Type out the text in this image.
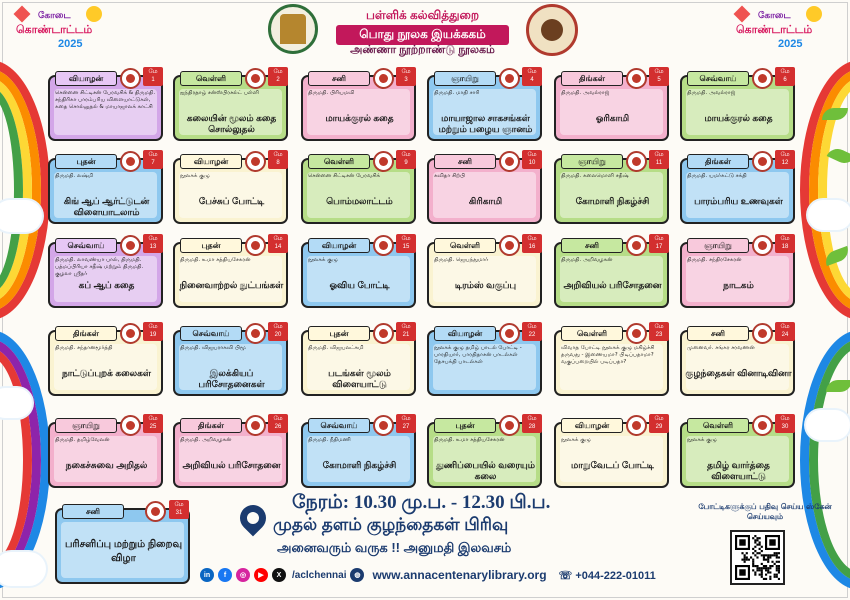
கோடை
கொண்டாட்டம்
2025
கோடை
கொண்டாட்டம்
2025
பள்ளிக் கல்வித்துறை
பொது நூலக இயக்ககம்
அண்ணா நூற்றாண்டு நூலகம்
வியாழன்
மே
1
சென்னை சிட்டிசன் பேரவசிக் & திருமதி. சந்திரிகா பாரம்பரிய விளையாட்டுகள், கதை சொல்லுதல் & மாயாஜாலக் காட்சி
வெள்ளி
மே
2
ஐந்திரதாழ் சன்ஸ்பிரசல்ட் பள்ளி
கலையின் மூலம் கதை சொல்லுதல்
சனி
மே
3
திருமதி. பிரியமவி
மாயக்குரல் கதை
ஞாயிறு
மே
4
திருமதி. மாதி சாரி
மாயாஜால சாகசங்கள் மற்றும் பழைய ஞானம்
திங்கள்
மே
5
திருமதி. அவல்ராஜ்
ஓரிகாமி
செவ்வாய்
மே
6
திருமதி. அவல்ராஜ்
மாயக்குரல் கதை
புதன்
மே
7
திருமதி. லஷ்மி
கிங் ஆப் ஆர்ட்டுடன் விளையாடலாம்
வியாழன்
மே
8
நூலகக் குழு
பேச்சுப் போட்டி
வெள்ளி
மே
9
சென்னை சிட்டிசன் பேரவசிக்
பொம்மலாட்டம்
சனி
மே
10
கவிதா சிற்பி
கிரிகாமி
ஞாயிறு
மே
11
திருமதி. கலைமொளி சதீஷ்
கோமாளி நிகழ்ச்சி
திங்கள்
மே
12
திருமதி. யமர்கட்டு சக்தி
பாரம்பரிய உணவுகள்
செவ்வாய்
மே
13
திருமதி. லாவண்யா பால், திருமதி. பத்மப்பிரியா சதீஷ் மற்றும் திருமதி. குழலா ஸ்ரீதர்
கப் ஆப் கதை
புதன்
மே
14
திருமதி. உமா சத்தியசேகரன்
நினைவாற்றல் நுட்பங்கள்
வியாழன்
மே
15
நூலகக் குழு
ஓவிய போட்டி
வெள்ளி
மே
16
திருமதி. ஜெயந்துமார்
டிரம்ஸ் வகுப்பு
சனி
மே
17
திருமதி. அறிவழகன்
அறிவியல் பரிசோதனை
ஞாயிறு
மே
18
திருமதி. சந்திரசேகரன்
நாடகம்
திங்கள்
மே
19
திருமதி. சந்தானமூர்த்தி
நாட்டுப்புறக் கலைகள்
செவ்வாய்
மே
20
திருமதி. விஜயராகவி பிமூ
இலக்கியப் பரிசோதனைகள்
புதன்
மே
21
திருமதி. விஜயலட்சுமி
படங்கள் மூலம் விளையாட்டு
வியாழன்
மே
22
நூலகக் குழு தமிழ் பாடல் போட்டி - பாரதியார், பாரதிதாசன் பாடல்கள் தேசபக்தி பாடல்கள்
வெள்ளி
மே
23
விவாத போட்டி நூலகக் குழு மகிழ்ச்சி தருவது - இணையமா? பிடிப்பதாமா? வகுப்பறையில் படிப்பதா?
சனி
மே
24
முனைவர். சங்கர சரவணன்
குழந்தைகள் வினாடிவினா
ஞாயிறு
மே
25
திருமதி. தமிழ்வேலன்
நகைச்சுவை அறிதல்
திங்கள்
மே
26
திருமதி. அறிவழகன்
அறிவியல் பரிசோதனை
செவ்வாய்
மே
27
திருமதி. நீதிமணி
கோமாளி நிகழ்ச்சி
புதன்
மே
28
திருமதி. உமா சத்தியசேகரன்
துணிப்பையில் வரையும் கலை
வியாழன்
மே
29
நூலகக் குழு
மாறுவேடப் போட்டி
வெள்ளி
மே
30
நூலகக் குழு
தமிழ் வார்த்தை விளையாட்டு
சனி
மே
31
பரிசளிப்பு மற்றும் நிறைவு விழா
நேரம்: 10.30 மு.ப. - 12.30 பி.ப.
முதல் தளம் குழந்தைகள் பிரிவு
அனைவரும் வருக !! அனுமதி இலவசம்
in	f	◎	▶	X	/aclchennai	◍ www.annacentenarylibrary.org ☏ +044-222-01011
போட்டிகளுக்குப் பதிவு செய்ய ஸ்கேன் செய்யவும்
